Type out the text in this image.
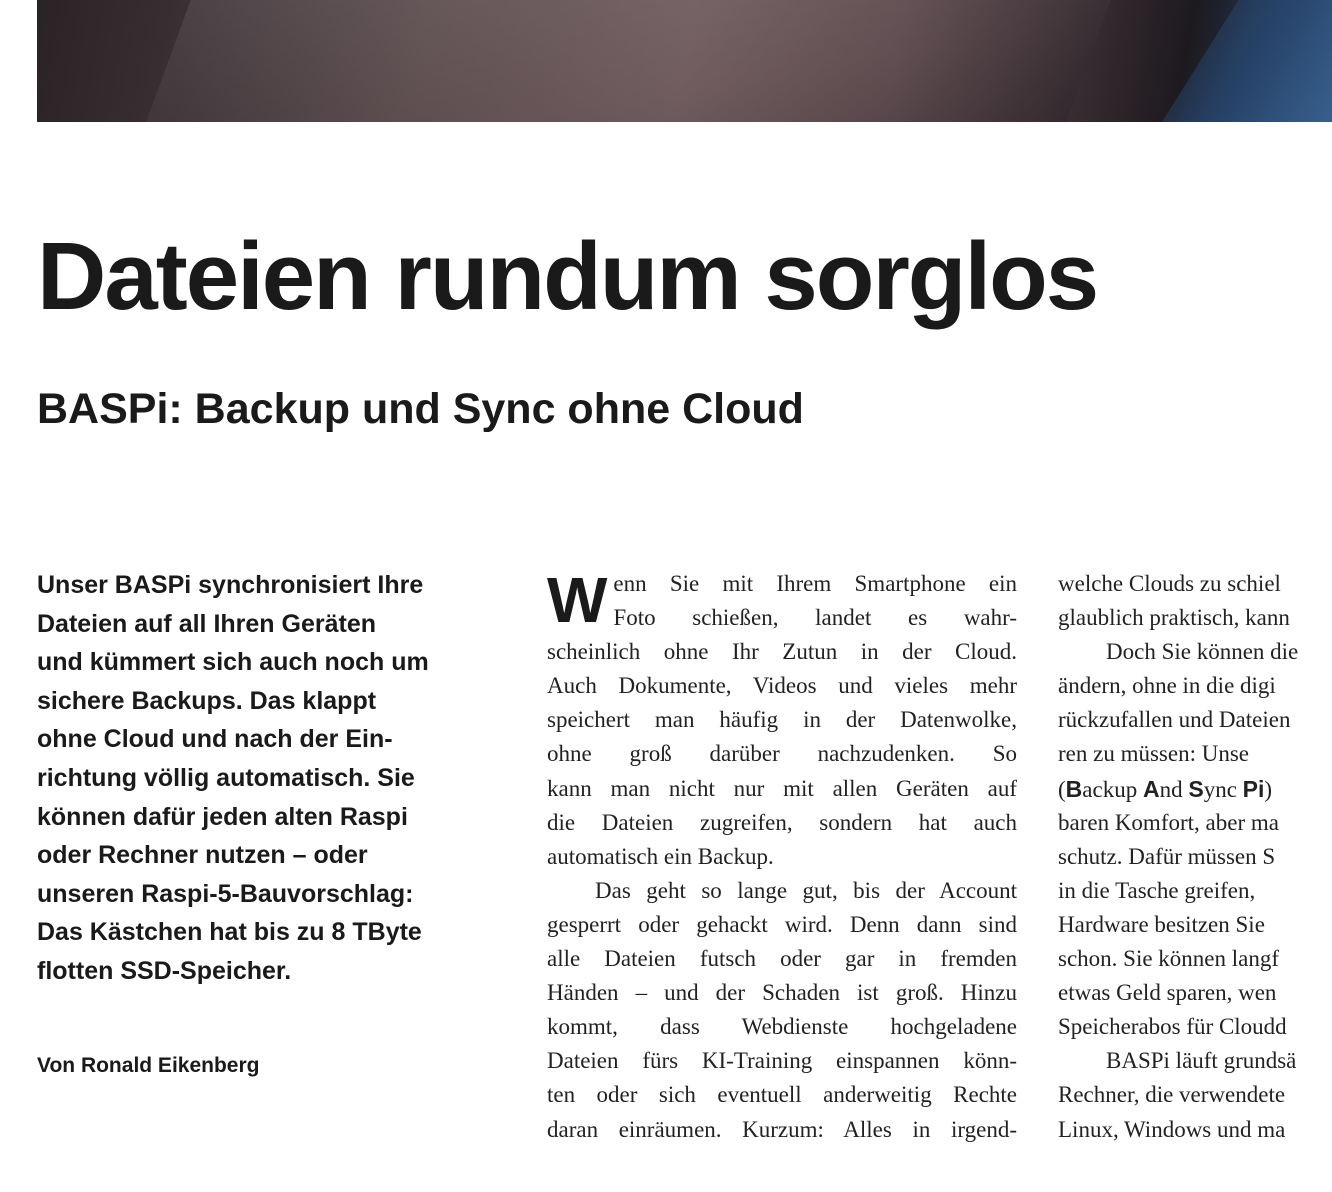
Dateien rundum sorglos
BASPi: Backup und Sync ohne Cloud

Unser BASPi synchronisiert Ihre
Dateien auf all Ihren Geräten
und kümmert sich auch noch um
sichere Backups. Das klappt
ohne Cloud und nach der Ein-
richtung völlig automatisch. Sie
können dafür jeden alten Raspi
oder Rechner nutzen – oder
unseren Raspi-5-Bauvorschlag:
Das Kästchen hat bis zu 8 TByte
flotten SSD-Speicher.

Von Ronald Eikenberg

W enn Sie mit Ihrem Smartphone ein
Foto schießen, landet es wahr-
scheinlich ohne Ihr Zutun in der Cloud.
Auch Dokumente, Videos und vieles mehr
speichert man häufig in der Datenwolke,
ohne groß darüber nachzudenken. So
kann man nicht nur mit allen Geräten auf
die Dateien zugreifen, sondern hat auch
automatisch ein Backup.
Das geht so lange gut, bis der Account
gesperrt oder gehackt wird. Denn dann sind
alle Dateien futsch oder gar in fremden
Händen – und der Schaden ist groß. Hinzu
kommt, dass Webdienste hochgeladene
Dateien fürs KI-Training einspannen könn-
ten oder sich eventuell anderweitig Rechte
daran einräumen. Kurzum: Alles in irgend-
welche Clouds zu schiel
glaublich praktisch, kann
Doch Sie können die
ändern, ohne in die digi
rückzufallen und Dateien
ren zu müssen: Unse
(Backup And Sync Pi)
baren Komfort, aber ma
schutz. Dafür müssen S
in die Tasche greifen,
Hardware besitzen Sie
schon. Sie können langf
etwas Geld sparen, wen
Speicherabos für Cloudd
BASPi läuft grundsä
Rechner, die verwendete
Linux, Windows und ma
